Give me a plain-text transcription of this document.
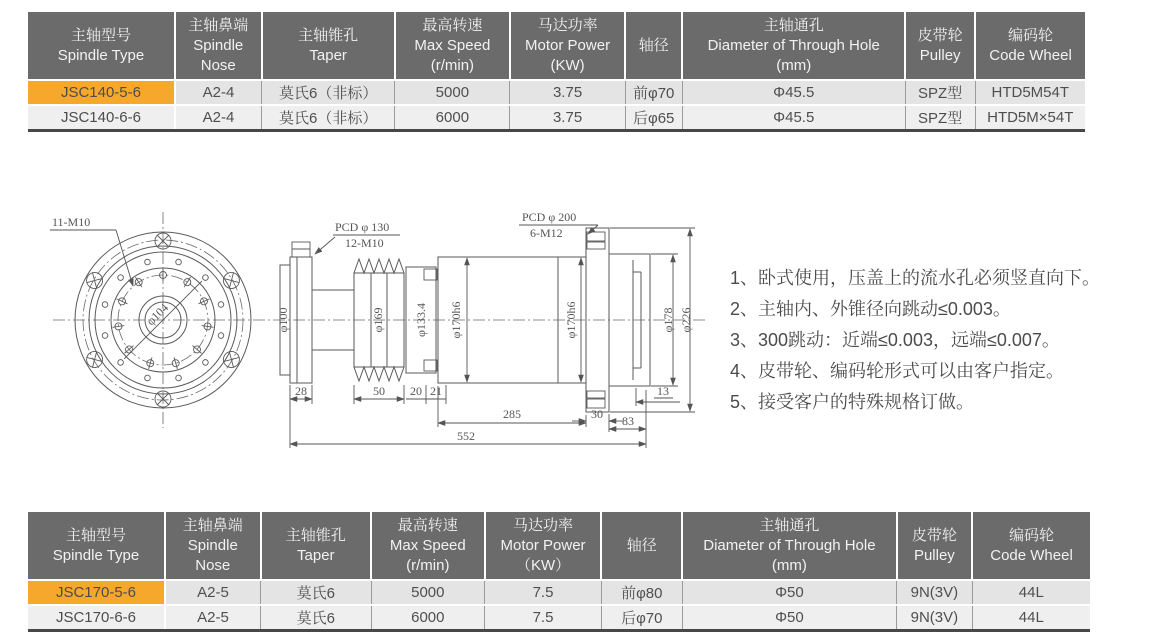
主轴型号
Spindle Type

主轴鼻端
Spindle
Nose

主轴锥孔
Taper

最高转速
Max Speed
(r/min)

马达功率
Motor Power
(KW)

轴径

主轴通孔
Diameter of Through Hole
(mm)

皮带轮
Pulley

编码轮
Code Wheel

JSC140-5-6	A2-4	莫氏6（非标）	5000	3.75	前φ70	Φ45.5	SPZ型	HTD5M54T
JSC140-6-6	A2-4	莫氏6（非标）	6000	3.75	后φ65	Φ45.5	SPZ型	HTD5M×54T
φ104
11-M10
φ100	φ169 φ133.4 φ170h6	φ170h6	φ178 φ226
PCD φ 130
12-M10
PCD φ 200
6-M12
28	50 20 21
285	30 83
552
13
1、卧式使用，压盖上的流水孔必须竖直向下。
2、主轴内、外锥径向跳动≤0.003。
3、300跳动：近端≤0.003，远端≤0.007。
4、皮带轮、编码轮形式可以由客户指定。
5、接受客户的特殊规格订做。
主轴型号
Spindle Type

主轴鼻端
Spindle
Nose

主轴锥孔
Taper

最高转速
Max Speed
(r/min)

马达功率
Motor Power
（KW）

轴径

主轴通孔
Diameter of Through Hole
(mm)

皮带轮
Pulley

编码轮
Code Wheel

JSC170-5-6	A2-5	莫氏6	5000	7.5	前φ80	Φ50	9N(3V)	44L
JSC170-6-6	A2-5	莫氏6	6000	7.5	后φ70	Φ50	9N(3V)	44L
